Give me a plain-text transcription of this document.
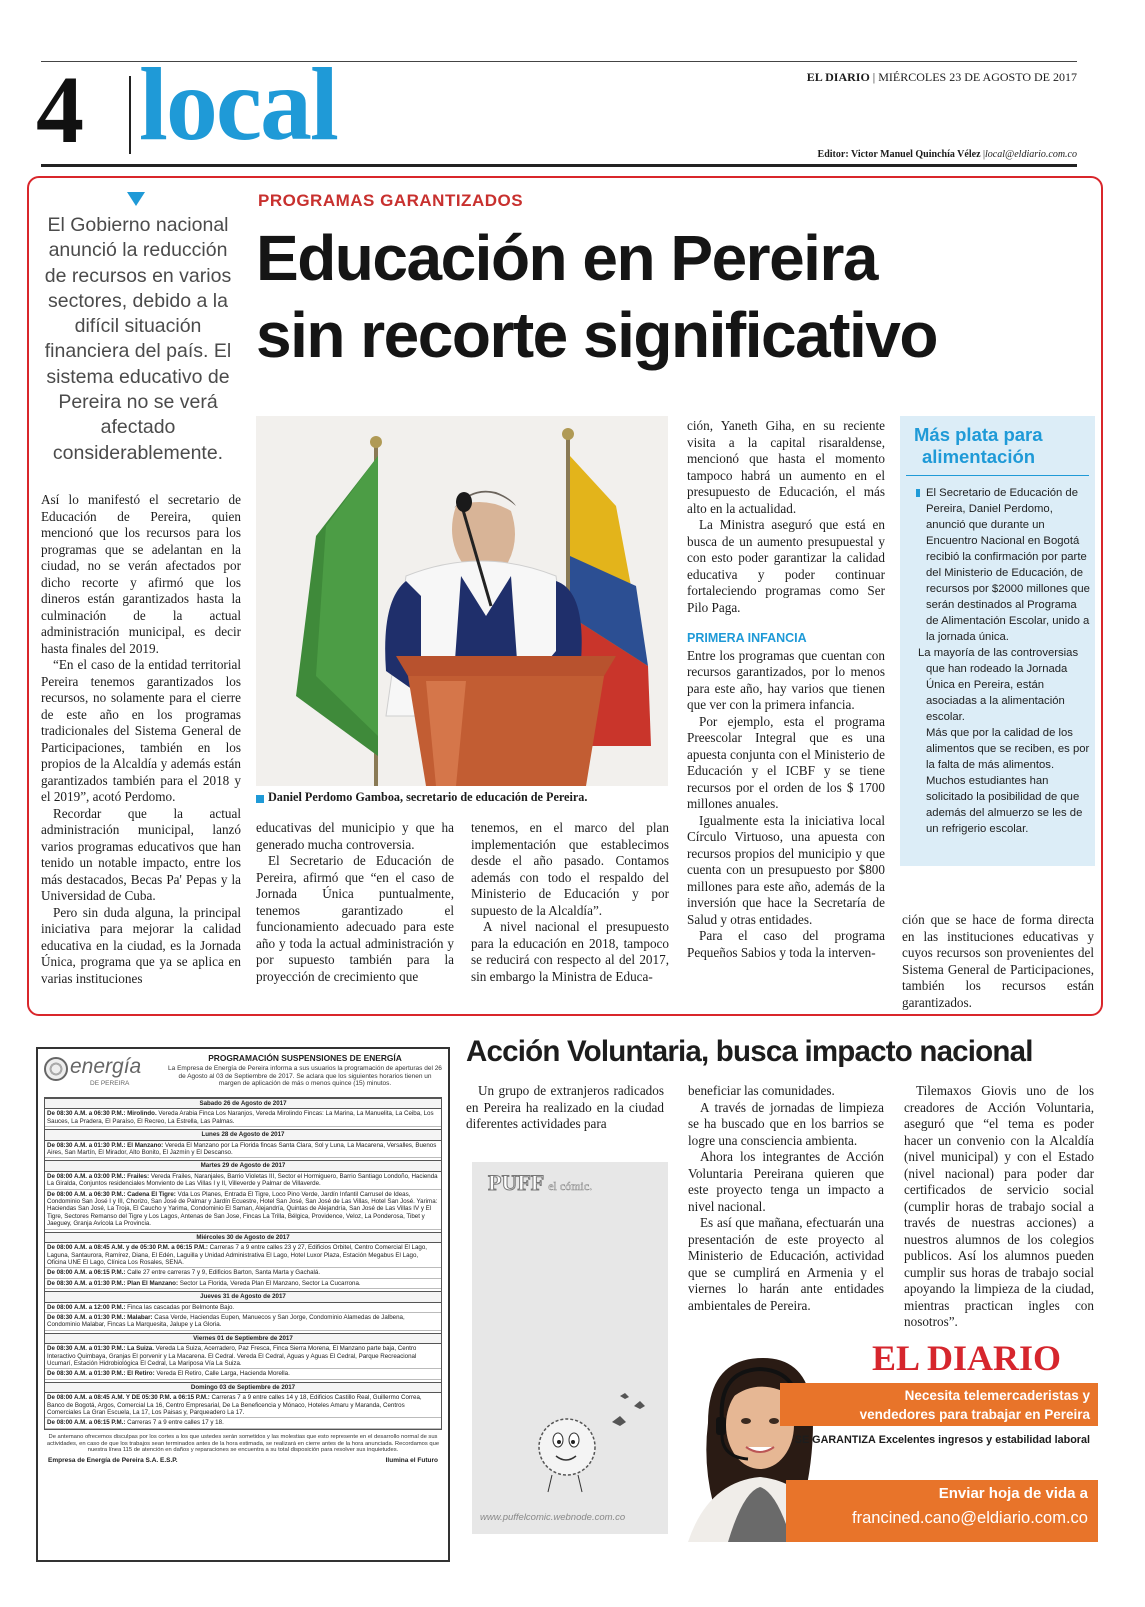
4 local	EL DIARIO | MIÉRCOLES 23 DE AGOSTO DE 2017
Editor: Victor Manuel Quinchía Vélez |local@eldiario.com.co
El Gobierno nacional anunció la reducción de recursos en varios sectores, debido a la difícil situación financiera del país. El sistema educativo de Pereira no se verá afectado considerablemente.
PROGRAMAS GARANTIZADOS
Educación en Pereira
sin recorte significativo
Daniel Perdomo Gamboa, secretario de educación de Pereira.

Así lo manifestó el secretario de Educación de Pereira, quien mencionó que los recursos para los programas que se adelantan en la ciudad, no se verán afectados por dicho recorte y afirmó que los dineros están garantizados hasta la culminación de la actual administración municipal, es decir hasta finales del 2019.

“En el caso de la entidad territorial Pereira tenemos garantizados los recursos, no solamente para el cierre de este año en los programas tradicionales del Sistema General de Participaciones, también en los propios de la Alcaldía y además están garantizados también para el 2018 y el 2019”, acotó Perdomo.

Recordar que la actual administración municipal, lanzó varios programas educativos que han tenido un notable impacto, entre los más destacados, Becas Pa' Pepas y la Universidad de Cuba.

Pero sin duda alguna, la principal iniciativa para mejorar la calidad educativa en la ciudad, es la Jornada Única, programa que ya se aplica en varias instituciones

educativas del municipio y que ha generado mucha controversia.

El Secretario de Educación de Pereira, afirmó que “en el caso de Jornada Única puntualmente, tenemos garantizado el funcionamiento adecuado para este año y toda la actual administración y por supuesto también para la proyección de crecimiento que

tenemos, en el marco del plan implementación que establecimos desde el año pasado. Contamos además con todo el respaldo del Ministerio de Educación y por supuesto de la Alcaldía”.

A nivel nacional el presupuesto para la educación en 2018, tampoco se reducirá con respecto al del 2017, sin embargo la Ministra de Educa-

ción, Yaneth Giha, en su reciente visita a la capital risaraldense, mencionó que hasta el momento tampoco habrá un aumento en el presupuesto de Educación, el más alto en la actualidad.

La Ministra aseguró que está en busca de un aumento presupuestal y con esto poder garantizar la calidad educativa y poder continuar fortaleciendo programas como Ser Pilo Paga.

PRIMERA INFANCIA

Entre los programas que cuentan con recursos garantizados, por lo menos para este año, hay varios que tienen que ver con la primera infancia.

Por ejemplo, esta el programa Preescolar Integral que es una apuesta conjunta con el Ministerio de Educación y el ICBF y se tiene recursos por el orden de los $ 1700 millones anuales.

Igualmente esta la iniciativa local Círculo Virtuoso, una apuesta con recursos propios del municipio y que cuenta con un presupuesto por $800 millones para este año, además de la inversión que hace la Secretaría de Salud y otras entidades.

Para el caso del programa Pequeños Sabios y toda la interven-

ción que se hace de forma directa en las instituciones educativas y cuyos recursos son provenientes del Sistema General de Participaciones, también los recursos están garantizados.

Más plata para
alimentación
El Secretario de Educación de Pereira, Daniel Perdomo, anunció que durante un Encuentro Nacional en Bogotá recibió la confirmación por parte del Ministerio de Educación, de recursos por $2000 millones que serán destinados al Programa de Alimentación Escolar, unido a la jornada única.
La mayoría de las controversias que han rodeado la Jornada Única en Pereira, están asociadas a la alimentación escolar.
Más que por la calidad de los alimentos que se reciben, es por la falta de más alimentos. Muchos estudiantes han solicitado la posibilidad de que además del almuerzo se les de un refrigerio escolar.
energía
DE PEREIRA
PROGRAMACIÓN SUSPENSIONES DE ENERGÍA
La Empresa de Energía de Pereira informa a sus usuarios la programación de aperturas del 26 de Agosto al 03 de Septiembre de 2017. Se aclara que los siguientes horarios tienen un margen de aplicación de más o menos quince (15) minutos.
Sabado 26 de Agosto de 2017
De 08:30 A.M. a 06:30 P.M.: Mirolindo. Vereda Arabia Finca Los Naranjos, Vereda Mirolindo Fincas: La Marina, La Manuelita, La Ceiba, Los Sauces, La Pradera, El Paraíso, El Recreo, La Estrella, Las Palmas.
Lunes 28 de Agosto de 2017
De 08:30 A.M. a 01:30 P.M.: El Manzano: Vereda El Manzano por La Florida fincas Santa Clara, Sol y Luna, La Macarena, Versalles, Buenos Aires, San Martín, El Mirador, Alto Bonito, El Jazmín y El Descanso.
Martes 29 de Agosto de 2017
De 08:00 A.M. a 03:00 P.M.: Frailes: Vereda Frailes, Naranjales, Barrio Violetas III, Sector el Hormiguero, Barrio Santiago Londoño, Hacienda La Giralda, Conjuntos residenciales Monviento de Las Villas I y II, Villeverde y Palmar de Villaverde.
De 08:00 A.M. a 06:30 P.M.: Cadena El Tigre: Vda Los Planes, Entrada El Tigre, Loco Pino Verde, Jardín Infantil Carrusel de Ideas, Condominio San José I y III, Chorizo, San José de Palmar y Jardín Ecuestre, Hotel San José, San José de Las Villas, Hotel San José. Yarima: Haciendas San José, La Troja, El Caucho y Yarima, Condominio El Saman, Alejandría, Quintas de Alejandría, San José de Las Villas IV y El Tigre, Sectores Remanso del Tigre y Los Lagos, Antenas de San Jose, Fincas La Trilla, Bélgica, Providence, Veloz, La Ponderosa, Tibet y Jaeguey, Granja Avícola La Provincia.
Miércoles 30 de Agosto de 2017
De 08:00 A.M. a 08:45 A.M. y de 05:30 P.M. a 06:15 P.M.: Carreras 7 a 9 entre calles 23 y 27, Edificios Orbitel, Centro Comercial El Lago, Laguna, Santaurora, Ramírez, Diana, El Edén, Laguilla y Unidad Administrativa El Lago, Hotel Luxor Plaza, Estación Megabus El Lago, Oficina UNE El Lago, Clínica Los Rosales, SENA.
De 08:00 A.M. a 06:15 P.M.: Calle 27 entre carreras 7 y 9, Edificios Barton, Santa Marta y Gachalá.
De 08:30 A.M. a 01:30 P.M.: Plan El Manzano: Sector La Florida, Vereda Plan El Manzano, Sector La Cucarrona.
Jueves 31 de Agosto de 2017
De 08:00 A.M. a 12:00 P.M.: Finca las cascadas por Belmonte Bajo.
De 08:30 A.M. a 01:30 P.M.: Malabar: Casa Verde, Haciendas Eupen, Manuecos y San Jorge, Condominio Alamedas de Jalbena, Condominio Malabar, Fincas La Marquesita, Jalupe y La Gloria.
Viernes 01 de Septiembre de 2017
De 08:30 A.M. a 01:30 P.M.: La Suiza. Vereda La Suiza, Acerradero, Paz Fresca, Finca Sierra Morena, El Manzano parte baja, Centro Interactivo Quimbaya, Granjas El porvenir y La Macarena. El Cedral. Vereda El Cedral, Aguas y Aguas El Cedral, Parque Recreacional Ucumarí, Estación Hidrobiológica El Cedral, La Mariposa Vía La Suiza.
De 08:30 A.M. a 01:30 P.M.: El Retiro: Vereda El Retiro, Calle Larga, Hacienda Morella.
Domingo 03 de Septiembre de 2017
De 08:00 A.M. a 08:45 A.M. Y DE 05:30 P.M. a 06:15 P.M.: Carreras 7 a 9 entre calles 14 y 18, Edificios Castillo Real, Guillermo Correa, Banco de Bogotá, Argos, Comercial La 16, Centro Empresarial, De La Beneficencia y Mónaco, Hoteles Amaru y Maranda, Centros Comerciales La Gran Escuela, La 17, Los Paisas y, Parqueadero La 17.
De 08:00 A.M. a 06:15 P.M.: Carreras 7 a 9 entre calles 17 y 18.
De antemano ofrecemos disculpas por los cortes a los que ustedes serán sometidos y las molestias que esto represente en el desarrollo normal de sus actividades, en caso de que los trabajos sean terminados antes de la hora estimada, se realizará en cierre antes de la hora anunciada. Recordamos que nuestra línea 115 de atención en daños y reparaciones se encuentra a su total disposición para resolver sus inquietudes.
Empresa de Energía de Pereira S.A. E.S.P.	Ilumina el Futuro
Acción Voluntaria, busca impacto nacional

Un grupo de extranjeros radicados en Pereira ha realizado en la ciudad diferentes actividades para

beneficiar las comunidades.

A través de jornadas de limpieza se ha buscado que en los barrios se logre una consciencia ambienta.

Ahora los integrantes de Acción Voluntaria Pereirana quieren que este proyecto tenga un impacto a nivel nacional.

Es así que mañana, efectuarán una presentación de este proyecto al Ministerio de Educación, actividad que se cumplirá en Armenia y el viernes lo harán ante entidades ambientales de Pereira.

Tilemaxos Giovis uno de los creadores de Acción Voluntaria, aseguró que “el tema es poder hacer un convenio con la Alcaldía (nivel municipal) y con el Estado (nivel nacional) para poder dar certificados de servicio social (cumplir horas de trabajo social a través de nuestras acciones) a nuestros alumnos de los colegios publicos. Así los alumnos pueden cumplir sus horas de trabajo social apoyando la limpieza de la ciudad, mientras practican ingles con nosotros”.

PUFF el cómic.
www.puffelcomic.webnode.com.co
EL DIARIO
Necesita telemercaderistas y
vendedores para trabajar en Pereira
SE GARANTIZA Excelentes ingresos y estabilidad laboral
Enviar hoja de vida a
francined.cano@eldiario.com.co
